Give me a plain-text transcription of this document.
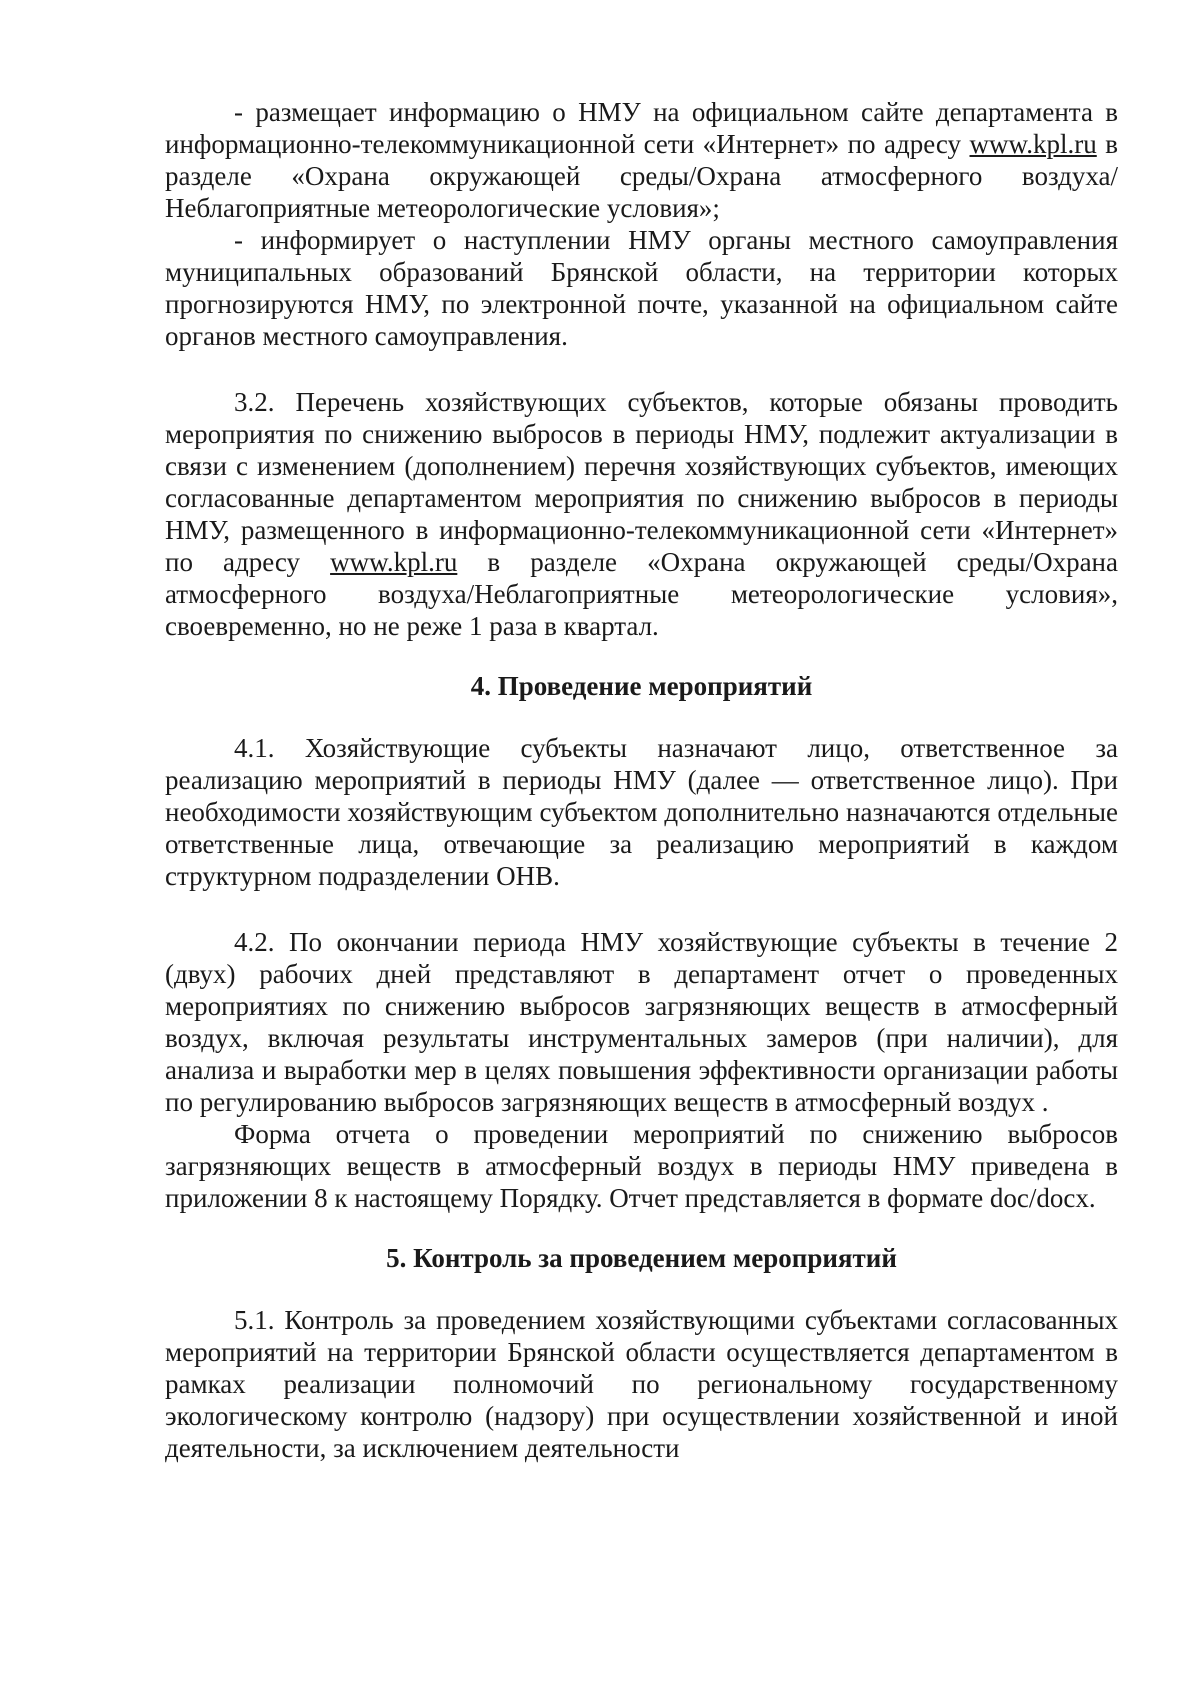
- размещает информацию о НМУ на официальном сайте департамента в информационно-телекоммуникационной сети «Интернет» по адресу www.kpl.ru в разделе «Охрана окружающей среды/Охрана атмосферного воздуха/Неблагоприятные метеорологические условия»;

- информирует о наступлении НМУ органы местного самоуправления муниципальных образований Брянской области, на территории которых прогнозируются НМУ, по электронной почте, указанной на официальном сайте органов местного самоуправления.

3.2. Перечень хозяйствующих субъектов, которые обязаны проводить мероприятия по снижению выбросов в периоды НМУ, подлежит актуализации в связи с изменением (дополнением) перечня хозяйствующих субъектов, имеющих согласованные департаментом мероприятия по снижению выбросов в периоды НМУ, размещенного в информационно-телекоммуникационной сети «Интернет» по адресу www.kpl.ru в разделе «Охрана окружающей среды/Охрана атмосферного воздуха/Неблагоприятные метеорологические условия», своевременно, но не реже 1 раза в квартал.

4. Проведение мероприятий

4.1. Хозяйствующие субъекты назначают лицо, ответственное за реализацию мероприятий в периоды НМУ (далее — ответственное лицо). При необходимости хозяйствующим субъектом дополнительно назначаются отдельные ответственные лица, отвечающие за реализацию мероприятий в каждом структурном подразделении ОНВ.

4.2. По окончании периода НМУ хозяйствующие субъекты в течение 2 (двух) рабочих дней представляют в департамент отчет о проведенных мероприятиях по снижению выбросов загрязняющих веществ в атмосферный воздух, включая результаты инструментальных замеров (при наличии), для анализа и выработки мер в целях повышения эффективности организации работы по регулированию выбросов загрязняющих веществ в атмосферный воздух .

Форма отчета о проведении мероприятий по снижению выбросов загрязняющих веществ в атмосферный воздух в периоды НМУ приведена в приложении 8 к настоящему Порядку. Отчет представляется в формате doc/docx.

5. Контроль за проведением мероприятий

5.1. Контроль за проведением хозяйствующими субъектами согласованных мероприятий на территории Брянской области осуществляется департаментом в рамках реализации полномочий по региональному государственному экологическому контролю (надзору) при осуществлении хозяйственной и иной деятельности, за исключением деятельности
